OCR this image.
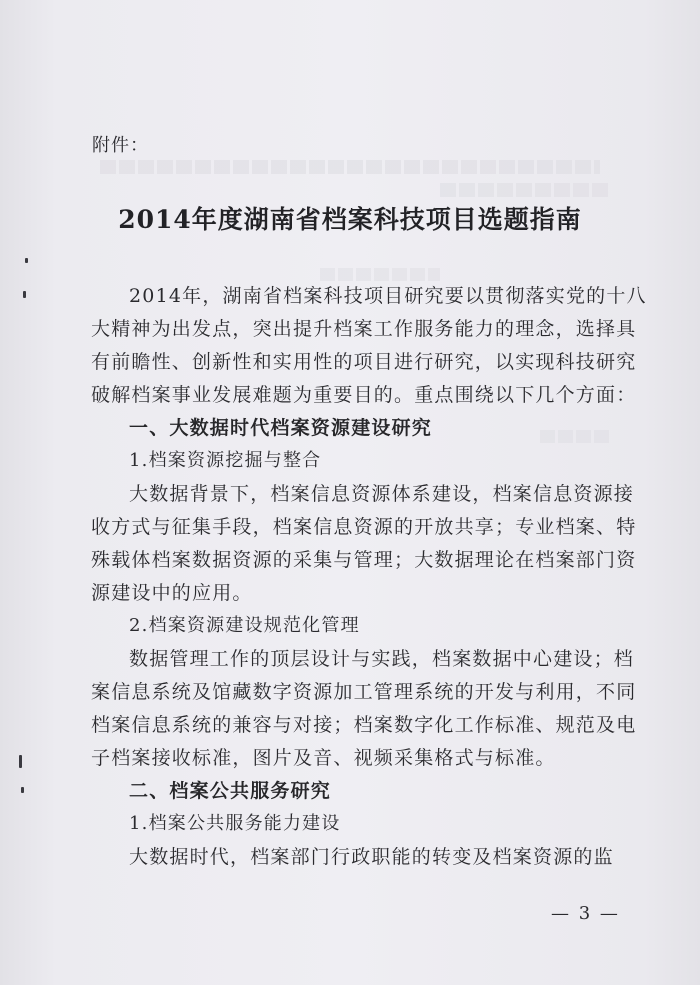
附件：
2014年度湖南省档案科技项目选题指南
2014年，湖南省档案科技项目研究要以贯彻落实党的十八
大精神为出发点，突出提升档案工作服务能力的理念，选择具
有前瞻性、创新性和实用性的项目进行研究，以实现科技研究
破解档案事业发展难题为重要目的。重点围绕以下几个方面：
一、大数据时代档案资源建设研究
1.档案资源挖掘与整合
大数据背景下，档案信息资源体系建设，档案信息资源接
收方式与征集手段，档案信息资源的开放共享；专业档案、特
殊载体档案数据资源的采集与管理；大数据理论在档案部门资
源建设中的应用。
2.档案资源建设规范化管理
数据管理工作的顶层设计与实践，档案数据中心建设；档
案信息系统及馆藏数字资源加工管理系统的开发与利用，不同
档案信息系统的兼容与对接；档案数字化工作标准、规范及电
子档案接收标准，图片及音、视频采集格式与标准。
二、档案公共服务研究
1.档案公共服务能力建设
大数据时代，档案部门行政职能的转变及档案资源的监
— 3 —
